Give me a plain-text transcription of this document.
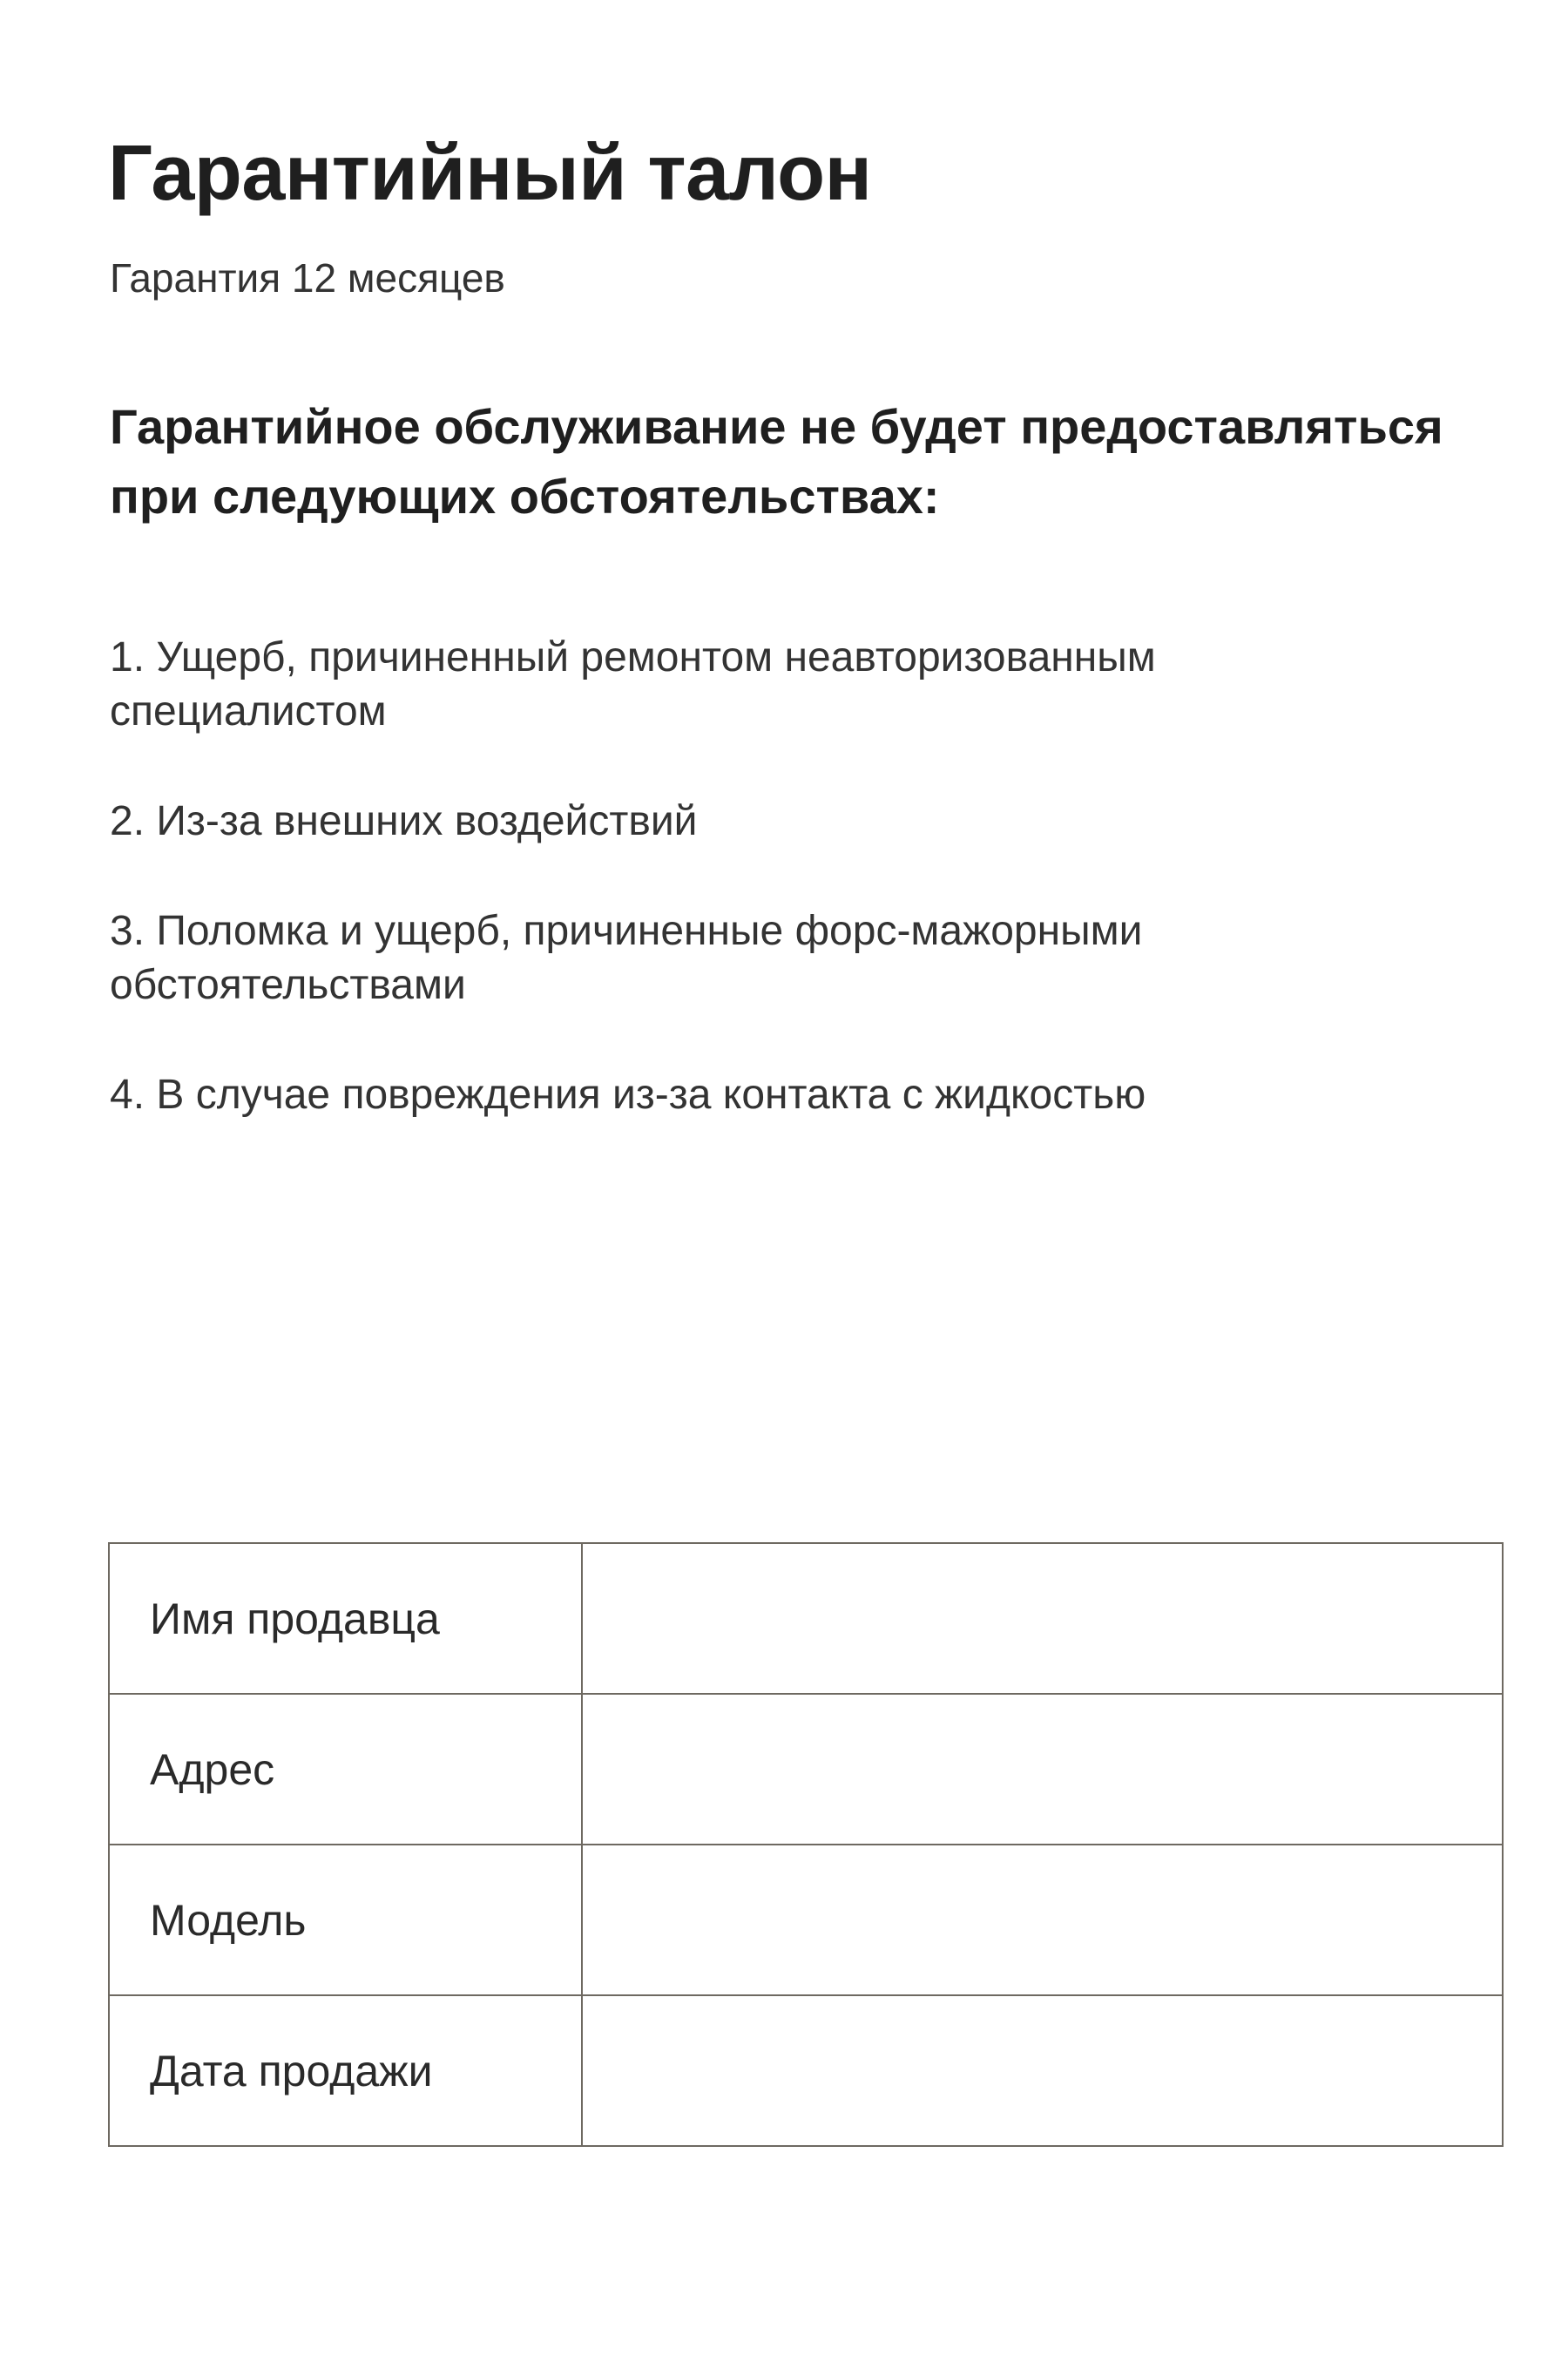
Гарантийный талон

Гарантия 12 месяцев

Гарантийное обслуживание не будет предоставляться при следующих обстоятельствах:
1. Ущерб, причиненный ремонтом неавторизованным специалистом
2. Из-за внешних воздействий
3. Поломка и ущерб, причиненные форс-мажорными обстоятельствами
4. В случае повреждения из-за контакта с жидкостью
Имя продавца	
Адрес	
Модель	
Дата продажи	
